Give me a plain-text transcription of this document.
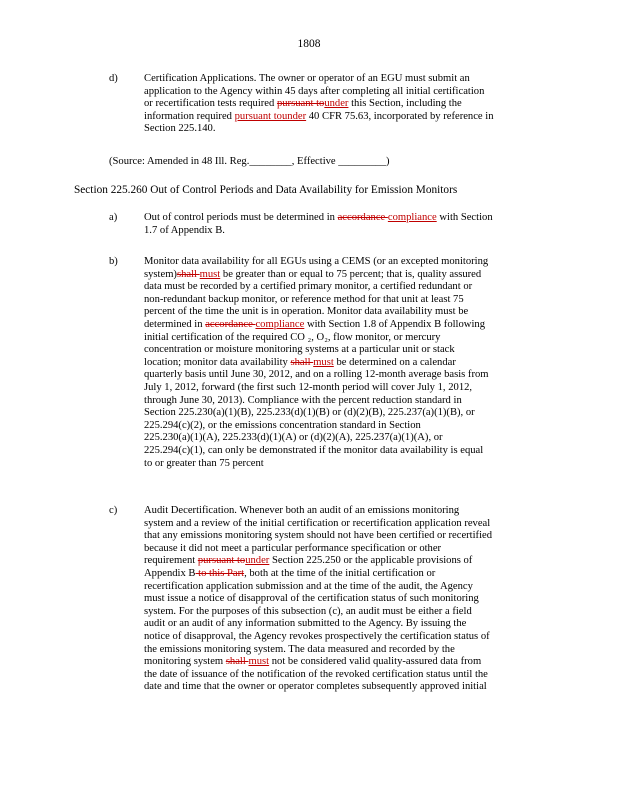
1808
d) Certification Applications. The owner or operator of an EGU must submit an
application to the Agency within 45 days after completing all initial certification
or recertification tests required pursuant tounder this Section, including the
information required pursuant tounder 40 CFR 75.63, incorporated by reference in
Section 225.140.
(Source: Amended in 48 Ill. Reg.________, Effective _________)
Section 225.260 Out of Control Periods and Data Availability for Emission Monitors
a)	Out of control periods must be determined in accordance compliance with Section
1.7 of Appendix B.
b) Monitor data availability for all EGUs using a CEMS (or an excepted monitoring
system)shall must be greater than or equal to 75 percent; that is, quality assured
data must be recorded by a certified primary monitor, a certified redundant or
non-redundant backup monitor, or reference method for that unit at least 75
percent of the time the unit is in operation. Monitor data availability must be
determined in accordance compliance with Section 1.8 of Appendix B following
initial certification of the required CO ₂, O₂, flow monitor, or mercury
concentration or moisture monitoring systems at a particular unit or stack
location; monitor data availability shall must be determined on a calendar
quarterly basis until June 30, 2012, and on a rolling 12-month average basis from
July 1, 2012, forward (the first such 12-month period will cover July 1, 2012,
through June 30, 2013). Compliance with the percent reduction standard in
Section 225.230(a)(1)(B), 225.233(d)(1)(B) or (d)(2)(B), 225.237(a)(1)(B), or
225.294(c)(2), or the emissions concentration standard in Section
225.230(a)(1)(A), 225.233(d)(1)(A) or (d)(2)(A), 225.237(a)(1)(A), or
225.294(c)(1), can only be demonstrated if the monitor data availability is equal
to or greater than 75 percent
c)	Audit Decertification. Whenever both an audit of an emissions monitoring
system and a review of the initial certification or recertification application reveal
that any emissions monitoring system should not have been certified or recertified
because it did not meet a particular performance specification or other
requirement pursuant tounder Section 225.250 or the applicable provisions of
Appendix B to this Part, both at the time of the initial certification or
recertification application submission and at the time of the audit, the Agency
must issue a notice of disapproval of the certification status of such monitoring
system. For the purposes of this subsection (c), an audit must be either a field
audit or an audit of any information submitted to the Agency. By issuing the
notice of disapproval, the Agency revokes prospectively the certification status of
the emissions monitoring system. The data measured and recorded by the
monitoring system shall must not be considered valid quality-assured data from
the date of issuance of the notification of the revoked certification status until the
date and time that the owner or operator completes subsequently approved initial
